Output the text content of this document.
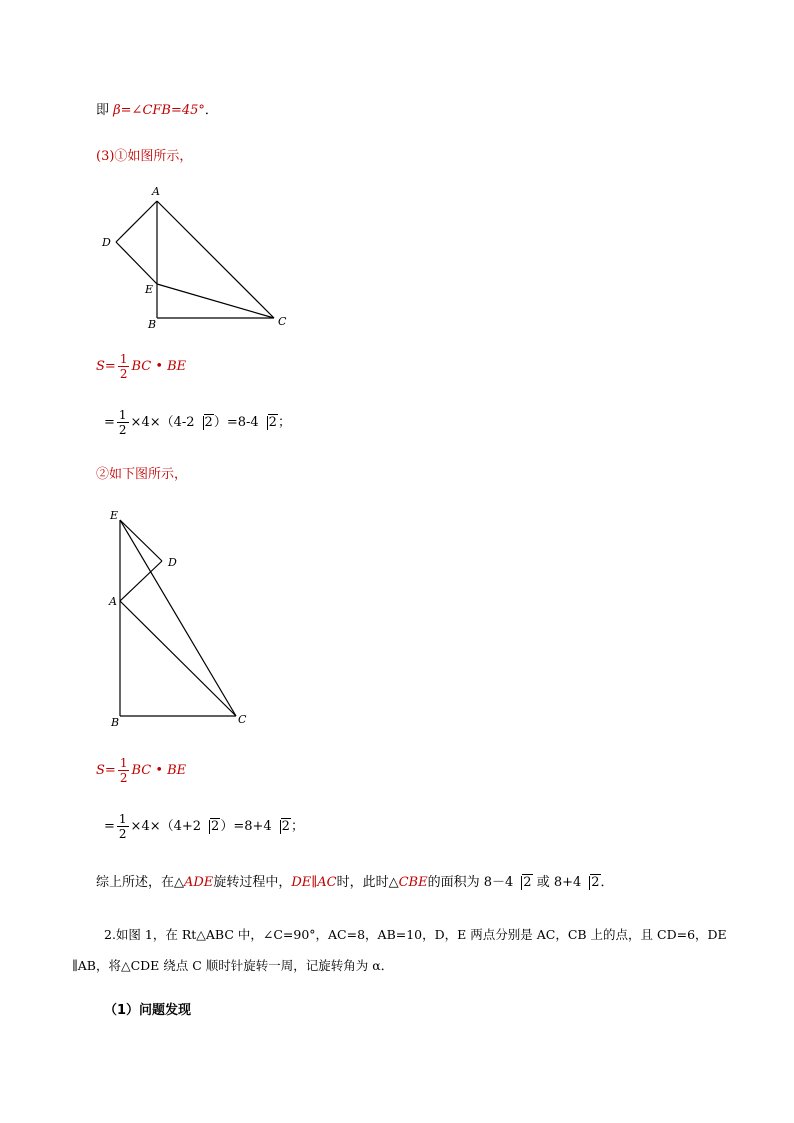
即 β=∠CFB=45°．
(3)①如图所示，
A
D
E
B	C
E
D
A
B	C
$S= \frac{1}{2}$ BC • BE
= $\frac{1}{2} \times 4\times(4-2$ 2）=8-4 2；
②如下图所示，
$S= \frac{1}{2}$ BC • BE
= $\frac{1}{2} \times 4\times(4+2$ 2）=8+4 2；
综上所述，在△ADE旋转过程中，DE∥AC时，此时△CBE的面积为 8－4 2 或 8+4 2．
2.如图 1，在 Rt△ABC 中，∠C=90°，AC=8，AB=10，D，E 两点分别是 AC，CB 上的点，且 CD=6，DE
∥AB，将△CDE 绕点 C 顺时针旋转一周，记旋转角为 α．
（1）问题发现
